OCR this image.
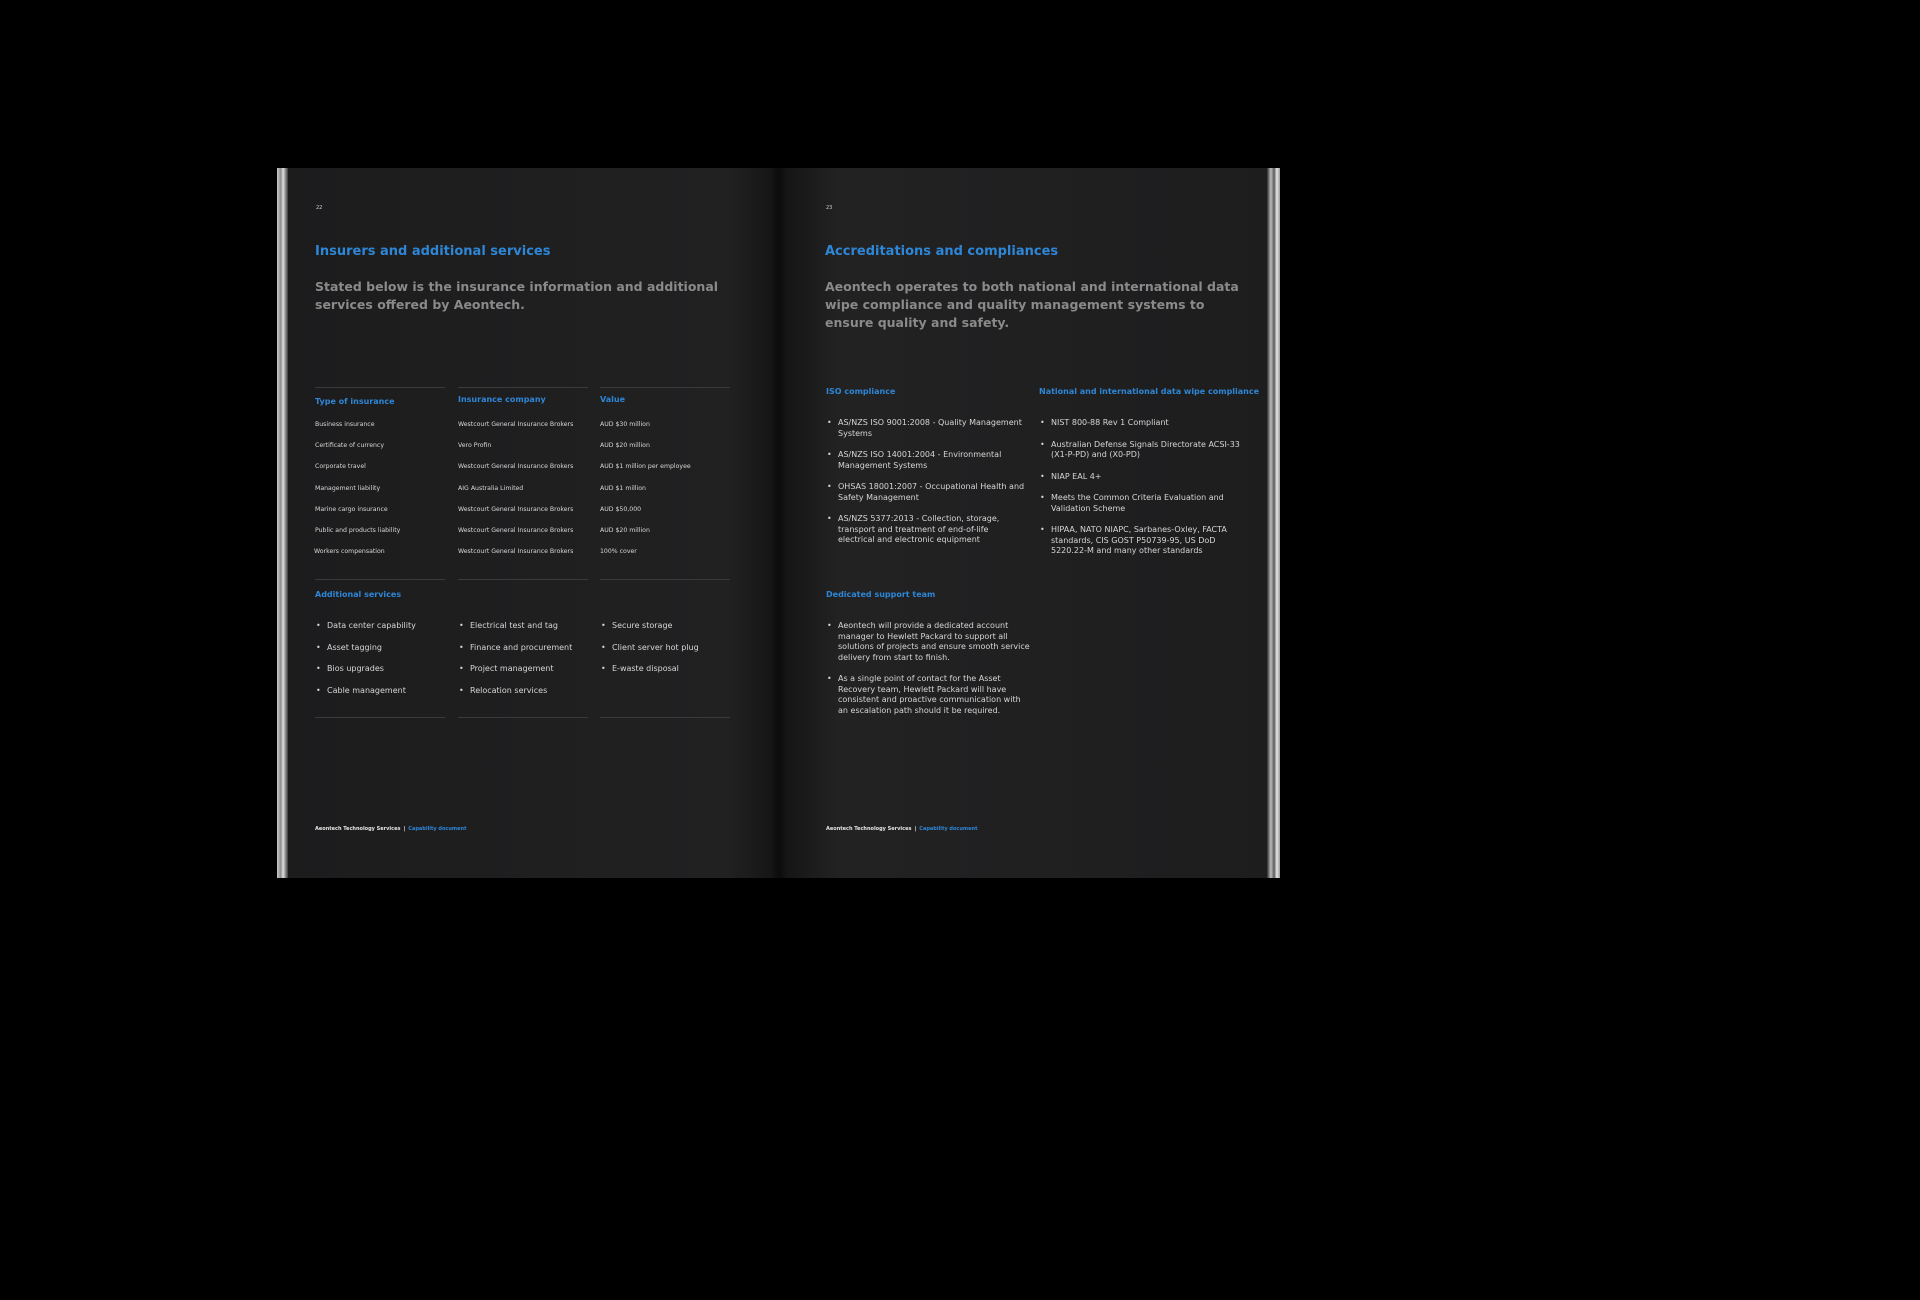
22
Insurers and additional services
Stated below is the insurance information and additional services offered by Aeontech.
Type of insurance	Insurance company	Value
Business insurance	Westcourt General Insurance Brokers	AUD $30 million
Certificate of currency	Vero Profin	AUD $20 million
Corporate travel	Westcourt General Insurance Brokers	AUD $1 million per employee
Management liability	AIG Australia Limited	AUD $1 million
Marine cargo insurance	Westcourt General Insurance Brokers	AUD $50,000
Public and products liability	Westcourt General Insurance Brokers	AUD $20 million
Workers compensation	Westcourt General Insurance Brokers	100% cover
Additional services
• Data center capability
• Asset tagging
• Bios upgrades
• Cable management
• Electrical test and tag
• Finance and procurement
• Project management
• Relocation services
• Secure storage
• Client server hot plug
• E-waste disposal
Aeontech Technology Services | Capability document
23
Accreditations and compliances
Aeontech operates to both national and international data wipe compliance and quality management systems to ensure quality and safety.
ISO compliance
• AS/NZS ISO 9001:2008 - Quality Management Systems
• AS/NZS ISO 14001:2004 - Environmental Management Systems
• OHSAS 18001:2007 - Occupational Health and Safety Management
• AS/NZS 5377:2013 - Collection, storage, transport and treatment of end-of-life electrical and electronic equipment
National and international data wipe compliance
• NIST 800-88 Rev 1 Compliant
• Australian Defense Signals Directorate ACSI-33 (X1-P-PD) and (X0-PD)
• NIAP EAL 4+
• Meets the Common Criteria Evaluation and Validation Scheme
• HIPAA, NATO NIAPC, Sarbanes-Oxley, FACTA standards, CIS GOST P50739-95, US DoD 5220.22-M and many other standards
Dedicated support team
• Aeontech will provide a dedicated account manager to Hewlett Packard to support all solutions of projects and ensure smooth service delivery from start to finish.
• As a single point of contact for the Asset Recovery team, Hewlett Packard will have consistent and proactive communication with an escalation path should it be required.
Aeontech Technology Services | Capability document
